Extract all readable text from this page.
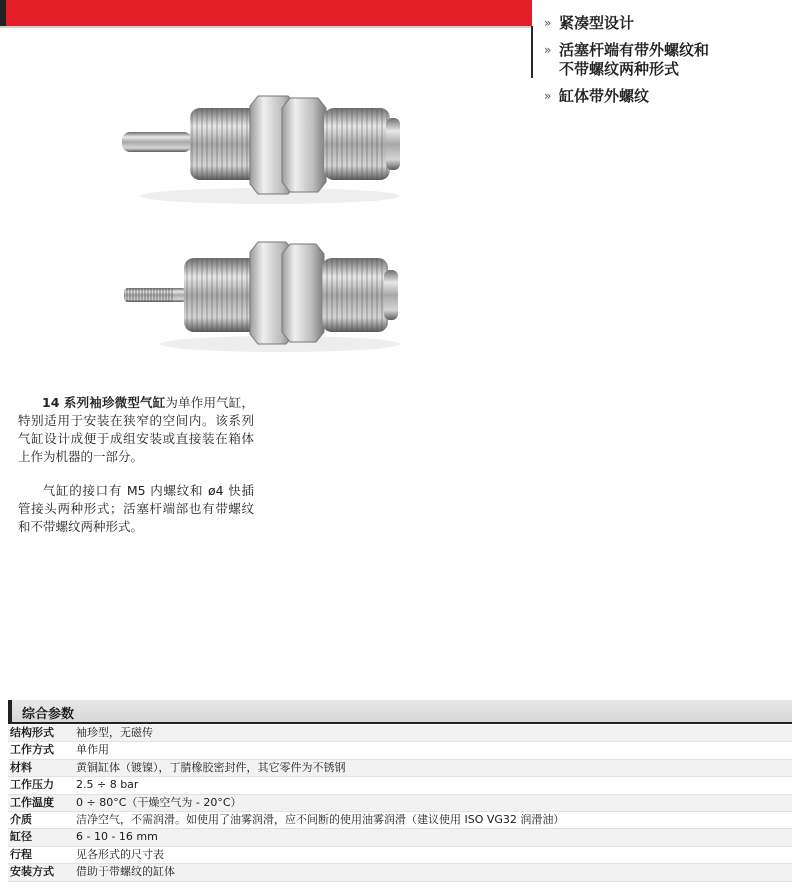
» 紧凑型设计
» 活塞杆端有带外螺纹和
不带螺纹两种形式
» 缸体带外螺纹

14 系列袖珍微型气缸为单作用气缸，特别适用于安装在狭窄的空间内。该系列气缸设计成便于成组安装或直接装在箱体上作为机器的一部分。

气缸的接口有 M5 内螺纹和 ø4 快插管接头两种形式；活塞杆端部也有带螺纹和不带螺纹两种形式。

综合参数
结构形式	袖珍型，无磁传
工作方式	单作用
材料	黄铜缸体（镀镍），丁腈橡胶密封件，其它零件为不锈钢
工作压力	2.5 ÷ 8 bar
工作温度	0 ÷ 80°C（干燥空气为 - 20°C）
介质	洁净空气，不需润滑。如使用了油雾润滑，应不间断的使用油雾润滑（建议使用 ISO VG32 润滑油）
缸径	6 - 10 - 16 mm
行程	见各形式的尺寸表
安装方式	借助于带螺纹的缸体
